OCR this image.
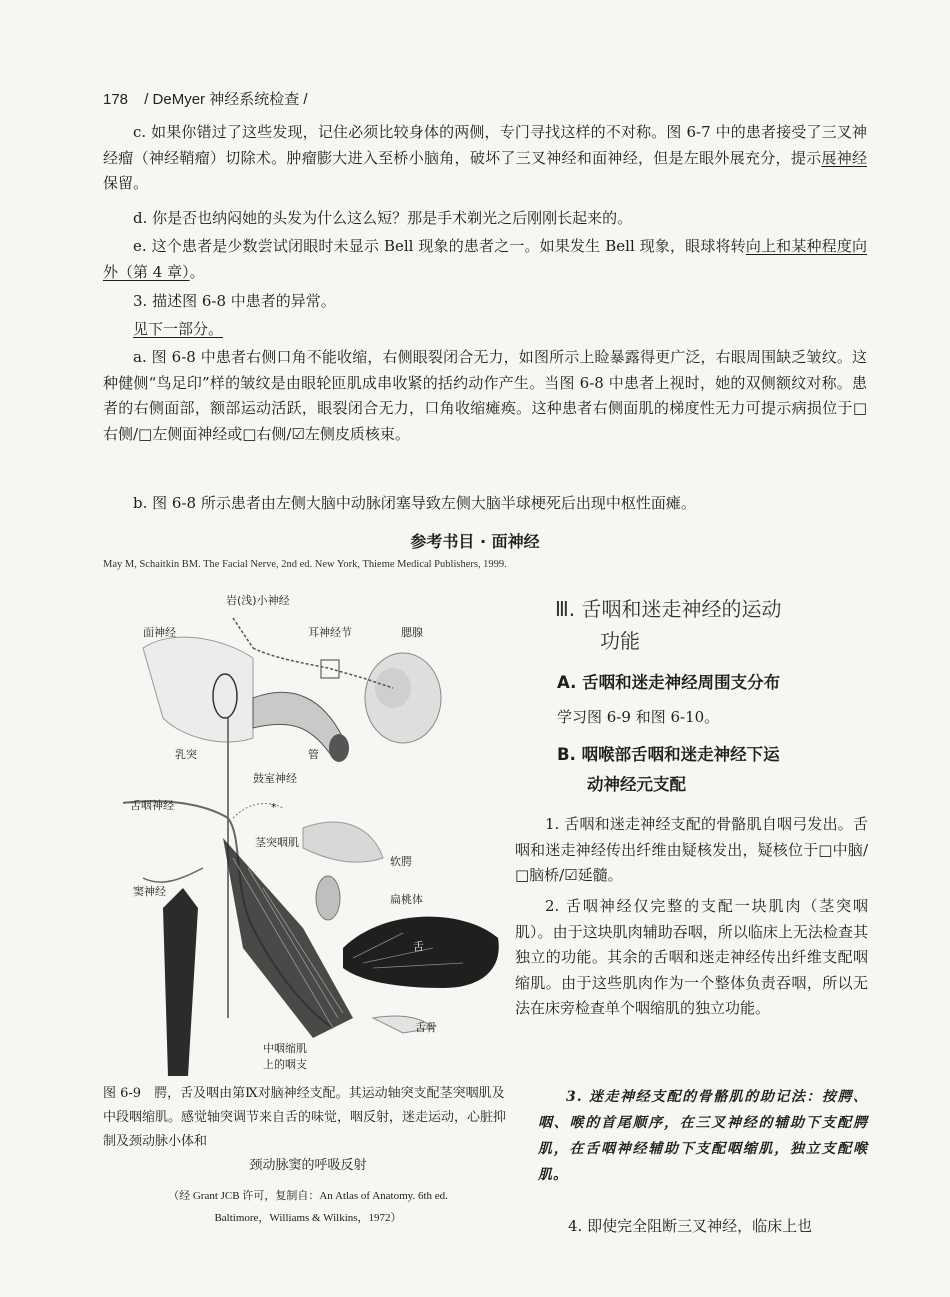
178 / DeMyer 神经系统检查 /

c. 如果你错过了这些发现，记住必须比较身体的两侧，专门寻找这样的不对称。图 6-7 中的患者接受了三叉神经瘤（神经鞘瘤）切除术。肿瘤膨大进入至桥小脑角，破坏了三叉神经和面神经，但是左眼外展充分，提示展神经保留。

d. 你是否也纳闷她的头发为什么这么短？那是手术剃光之后刚刚长起来的。

e. 这个患者是少数尝试闭眼时未显示 Bell 现象的患者之一。如果发生 Bell 现象，眼球将转向上和某种程度向外（第 4 章）。

3. 描述图 6-8 中患者的异常。

见下一部分。

a. 图 6-8 中患者右侧口角不能收缩，右侧眼裂闭合无力，如图所示上睑暴露得更广泛，右眼周围缺乏皱纹。这种健侧“鸟足印”样的皱纹是由眼轮匝肌成串收紧的括约动作产生。当图 6-8 中患者上视时，她的双侧额纹对称。患者的右侧面部，额部运动活跃，眼裂闭合无力，口角收缩瘫痪。这种患者右侧面肌的梯度性无力可提示病损位于□右侧/□左侧面神经或□右侧/☑左侧皮质核束。

b. 图 6-8 所示患者由左侧大脑中动脉闭塞导致左侧大脑半球梗死后出现中枢性面瘫。

参考书目 · 面神经
May M, Schaitkin BM. The Facial Nerve, 2nd ed. New York, Thieme Medical Publishers, 1999.
岩(浅)小神经
面神经	耳神经节	腮腺
乳突	管
鼓室神经
舌咽神经	*
茎突咽肌
软腭
窦神经
扁桃体
舌
舌骨
中咽缩肌
上的咽支

图 6-9　腭，舌及咽由第Ⅸ对脑神经支配。其运动轴突支配茎突咽肌及中段咽缩肌。感觉轴突调节来自舌的味觉，咽反射，迷走运动，心脏抑制及颈动脉小体和
颈动脉窦的呼吸反射

（经 Grant JCB 许可，复制自：An Atlas of Anatomy. 6th ed.
Baltimore，Williams & Wilkins，1972）

Ⅲ. 舌咽和迷走神经的运动
功能
A. 舌咽和迷走神经周围支分布

学习图 6-9 和图 6-10。

B. 咽喉部舌咽和迷走神经下运
动神经元支配

1. 舌咽和迷走神经支配的骨骼肌自咽弓发出。舌咽和迷走神经传出纤维由疑核发出，疑核位于□中脑/□脑桥/☑延髓。

2. 舌咽神经仅完整的支配一块肌肉（茎突咽肌）。由于这块肌肉辅助吞咽，所以临床上无法检查其独立的功能。其余的舌咽和迷走神经传出纤维支配咽缩肌。由于这些肌肉作为一个整体负责吞咽，所以无法在床旁检查单个咽缩肌的独立功能。

3. 迷走神经支配的骨骼肌的助记法：按腭、咽、喉的首尾顺序，在三叉神经的辅助下支配腭肌，在舌咽神经辅助下支配咽缩肌，独立支配喉肌。

4. 即使完全阻断三叉神经，临床上也
